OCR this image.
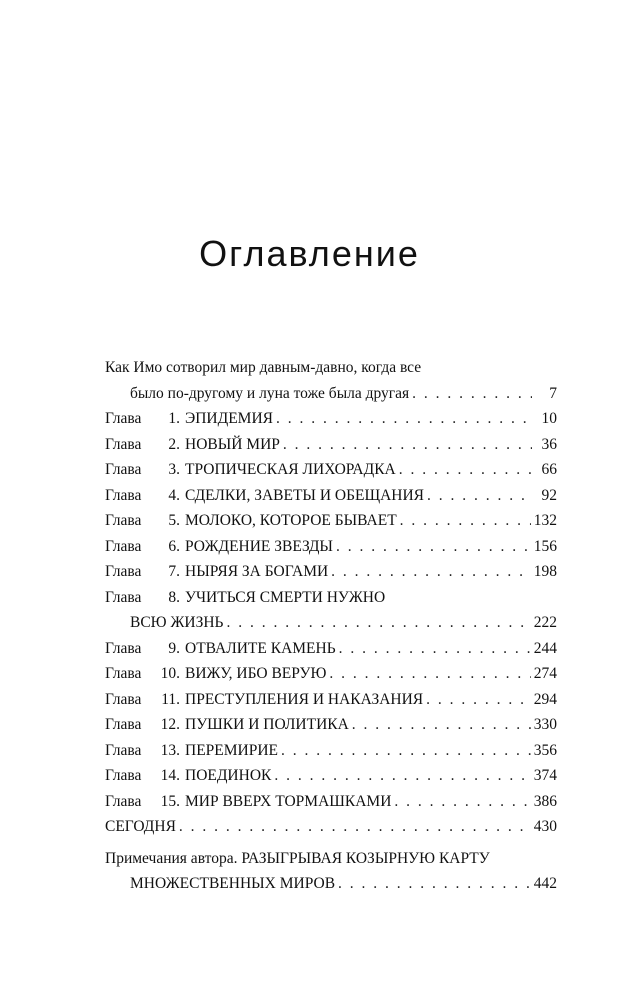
Оглавление
Как Имо сотворил мир давным-давно, когда все
было по-другому и луна тоже была другая . . .	7
Глава	1. ЭПИДЕМИЯ . . .	10
Глава	2. НОВЫЙ МИР . . .	36
Глава	3. ТРОПИЧЕСКАЯ ЛИХОРАДКА . . .	66
Глава	4. СДЕЛКИ, ЗАВЕТЫ И ОБЕЩАНИЯ . . .	92
Глава	5. МОЛОКО, КОТОРОЕ БЫВАЕТ . . .	132
Глава	6. РОЖДЕНИЕ ЗВЕЗДЫ . . .	156
Глава	7. НЫРЯЯ ЗА БОГАМИ . . .	198
Глава 8. УЧИТЬСЯ СМЕРТИ НУЖНО
ВСЮ ЖИЗНЬ . . .	222
Глава	9. ОТВАЛИТЕ КАМЕНЬ . . .	244
Глава	10. ВИЖУ, ИБО ВЕРУЮ . . .	274
Глава	11. ПРЕСТУПЛЕНИЯ И НАКАЗАНИЯ . . .	294
Глава	12. ПУШКИ И ПОЛИТИКА . . .	330
Глава	13. ПЕРЕМИРИЕ . . .	356
Глава	14. ПОЕДИНОК . . .	374
Глава	15. МИР ВВЕРХ ТОРМАШКАМИ . . .	386
СЕГОДНЯ . . .	430
Примечания автора. РАЗЫГРЫВАЯ КОЗЫРНУЮ КАРТУ
МНОЖЕСТВЕННЫХ МИРОВ . . .	442
